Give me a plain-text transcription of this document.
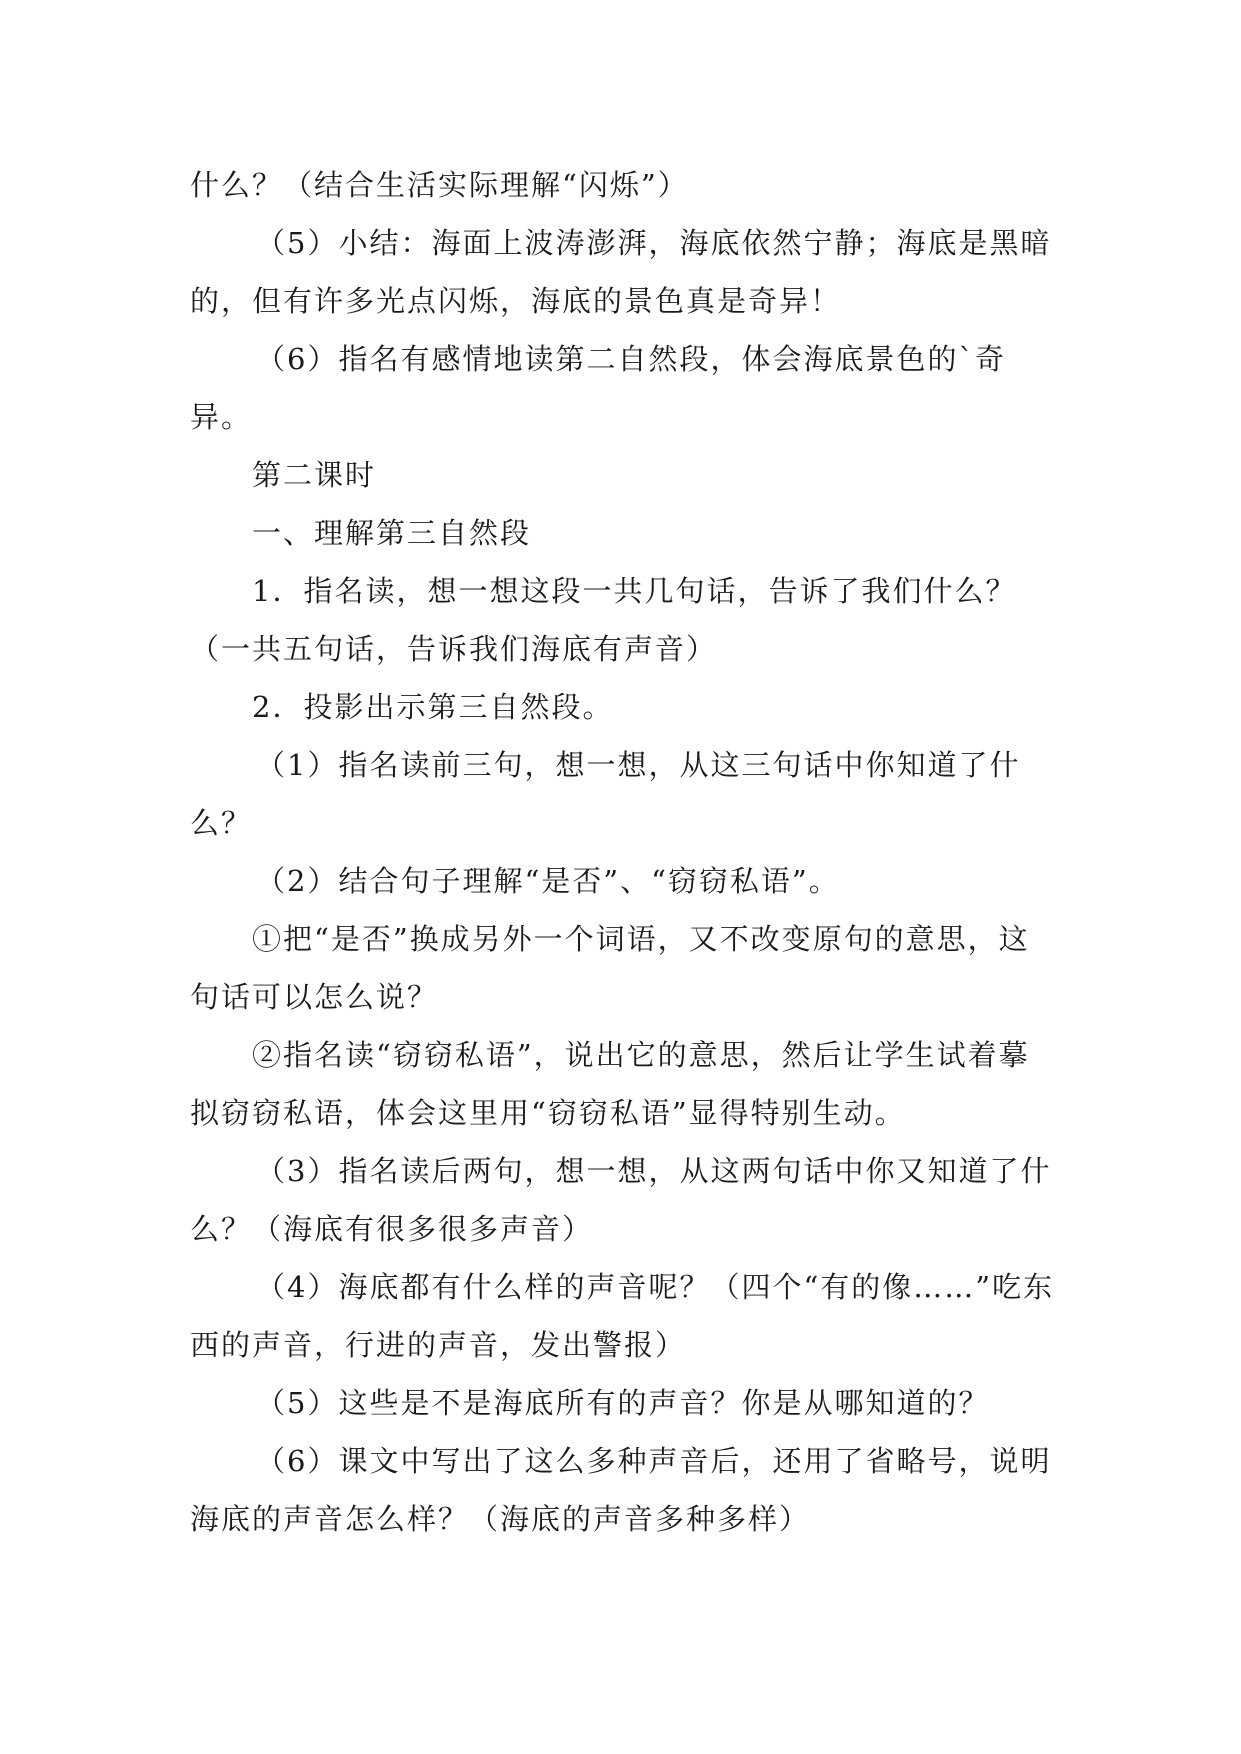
什么？（结合生活实际理解“闪烁”）

（5）小结：海面上波涛澎湃，海底依然宁静；海底是黑暗的，但有许多光点闪烁，海底的景色真是奇异！

（6）指名有感情地读第二自然段，体会海底景色的`奇异。

第二课时

一、理解第三自然段

1．指名读，想一想这段一共几句话，告诉了我们什么？

（一共五句话，告诉我们海底有声音）

2．投影出示第三自然段。

（1）指名读前三句，想一想，从这三句话中你知道了什么？

（2）结合句子理解“是否”、“窃窃私语”。

①把“是否”换成另外一个词语，又不改变原句的意思，这句话可以怎么说？

②指名读“窃窃私语”，说出它的意思，然后让学生试着摹拟窃窃私语，体会这里用“窃窃私语”显得特别生动。

（3）指名读后两句，想一想，从这两句话中你又知道了什么？（海底有很多很多声音）

（4）海底都有什么样的声音呢？（四个“有的像……”吃东西的声音，行进的声音，发出警报）

（5）这些是不是海底所有的声音？你是从哪知道的？

（6）课文中写出了这么多种声音后，还用了省略号，说明海底的声音怎么样？（海底的声音多种多样）
